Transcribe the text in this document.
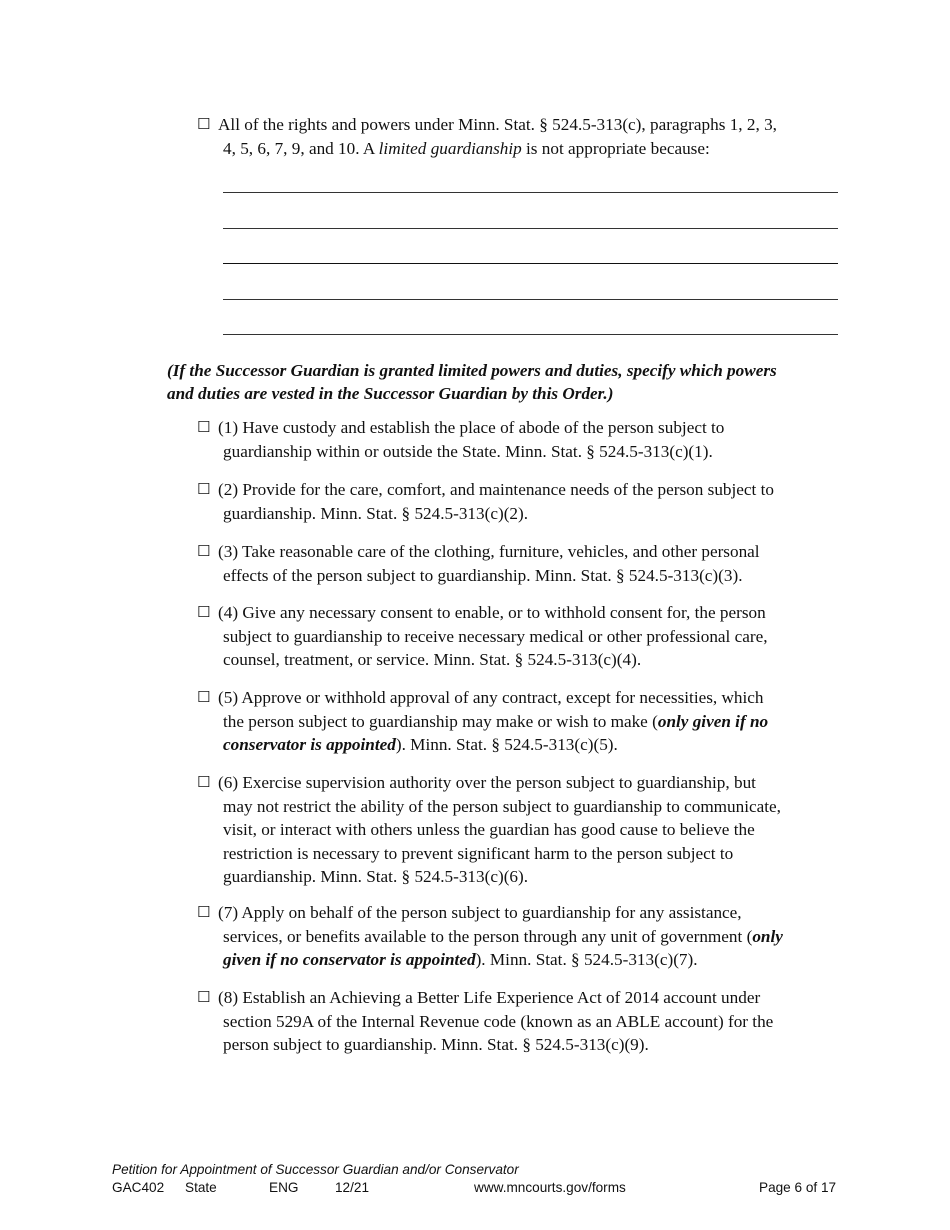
☐ All of the rights and powers under Minn. Stat. § 524.5-313(c), paragraphs 1, 2, 3,
4, 5, 6, 7, 9, and 10. A limited guardianship is not appropriate because:
(If the Successor Guardian is granted limited powers and duties, specify which powers
and duties are vested in the Successor Guardian by this Order.)
☐ (1) Have custody and establish the place of abode of the person subject to
guardianship within or outside the State. Minn. Stat. § 524.5-313(c)(1).
☐ (2) Provide for the care, comfort, and maintenance needs of the person subject to
guardianship. Minn. Stat. § 524.5-313(c)(2).
☐ (3) Take reasonable care of the clothing, furniture, vehicles, and other personal
effects of the person subject to guardianship. Minn. Stat. § 524.5-313(c)(3).
☐ (4) Give any necessary consent to enable, or to withhold consent for, the person
subject to guardianship to receive necessary medical or other professional care,
counsel, treatment, or service. Minn. Stat. § 524.5-313(c)(4).
☐ (5) Approve or withhold approval of any contract, except for necessities, which
the person subject to guardianship may make or wish to make (only given if no
conservator is appointed). Minn. Stat. § 524.5-313(c)(5).
☐ (6) Exercise supervision authority over the person subject to guardianship, but
may not restrict the ability of the person subject to guardianship to communicate,
visit, or interact with others unless the guardian has good cause to believe the
restriction is necessary to prevent significant harm to the person subject to
guardianship. Minn. Stat. § 524.5-313(c)(6).
☐ (7) Apply on behalf of the person subject to guardianship for any assistance,
services, or benefits available to the person through any unit of government (only
given if no conservator is appointed). Minn. Stat. § 524.5-313(c)(7).
☐ (8) Establish an Achieving a Better Life Experience Act of 2014 account under
section 529A of the Internal Revenue code (known as an ABLE account) for the
person subject to guardianship. Minn. Stat. § 524.5-313(c)(9).
Petition for Appointment of Successor Guardian and/or Conservator
GAC402 State	ENG	12/21	www.mncourts.gov/forms	Page 6 of 17
